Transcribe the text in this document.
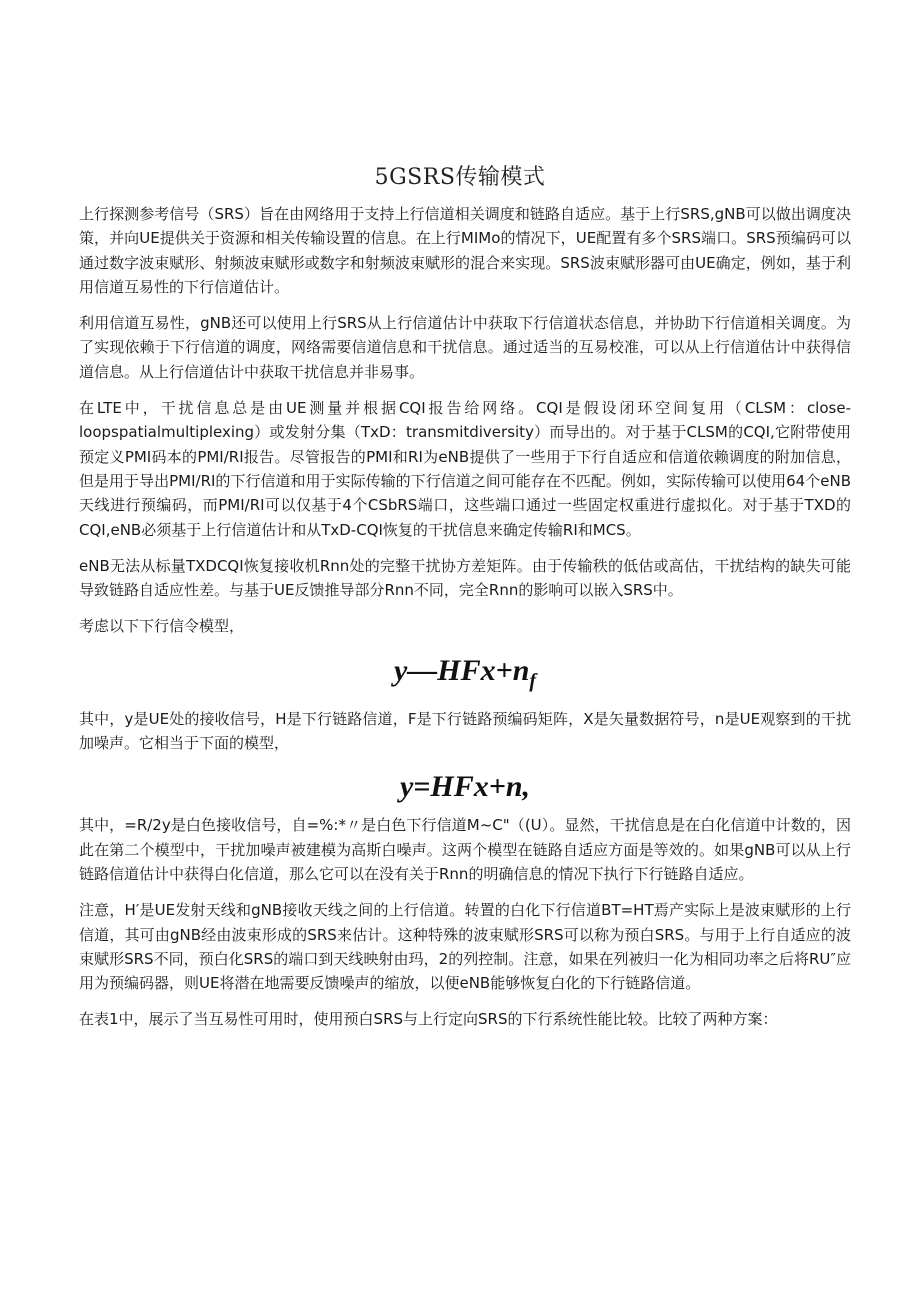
5GSRS传输模式

上行探测参考信号（SRS）旨在由网络用于支持上行信道相关调度和链路自适应。基于上行SRS,gNB可以做出调度决策，并向UE提供关于资源和相关传输设置的信息。在上行MIMo的情况下，UE配置有多个SRS端口。SRS预编码可以通过数字波束赋形、射频波束赋形或数字和射频波束赋形的混合来实现。SRS波束赋形器可由UE确定，例如，基于利用信道互易性的下行信道估计。

利用信道互易性，gNB还可以使用上行SRS从上行信道估计中获取下行信道状态信息，并协助下行信道相关调度。为了实现依赖于下行信道的调度，网络需要信道信息和干扰信息。通过适当的互易校准，可以从上行信道估计中获得信道信息。从上行信道估计中获取干扰信息并非易事。

在LTE中，干扰信息总是由UE测量并根据CQI报告给网络。CQI是假设闭环空间复用（CLSM：close-loopspatialmultiplexing）或发射分集（TxD：transmitdiversity）而导出的。对于基于CLSM的CQI,它附带使用预定义PMI码本的PMI/RI报告。尽管报告的PMI和RI为eNB提供了一些用于下行自适应和信道依赖调度的附加信息，但是用于导出PMI/RI的下行信道和用于实际传输的下行信道之间可能存在不匹配。例如，实际传输可以使用64个eNB天线进行预编码，而PMI/RI可以仅基于4个CSbRS端口，这些端口通过一些固定权重进行虚拟化。对于基于TXD的CQI,eNB必须基于上行信道估计和从TxD-CQI恢复的干扰信息来确定传输RI和MCS。

eNB无法从标量TXDCQI恢复接收机Rnn处的完整干扰协方差矩阵。由于传输秩的低估或高估，干扰结构的缺失可能导致链路自适应性差。与基于UE反馈推导部分Rnn不同，完全Rnn的影响可以嵌入SRS中。

考虑以下下行信令模型，

$y—HFx+n_f$

其中，y是UE处的接收信号，H是下行链路信道，F是下行链路预编码矩阵，X是矢量数据符号，n是UE观察到的干扰加噪声。它相当于下面的模型，

y=HFx+n,

其中，=R/2y是白色接收信号，自=%:*〃是白色下行信道M~C"（(U）。显然，干扰信息是在白化信道中计数的，因此在第二个模型中，干扰加噪声被建模为高斯白噪声。这两个模型在链路自适应方面是等效的。如果gNB可以从上行链路信道估计中获得白化信道，那么它可以在没有关于Rnn的明确信息的情况下执行下行链路自适应。

注意，H′是UE发射天线和gNB接收天线之间的上行信道。转置的白化下行信道BT=HT焉产实际上是波束赋形的上行信道，其可由gNB经由波束形成的SRS来估计。这种特殊的波束赋形SRS可以称为预白SRS。与用于上行自适应的波束赋形SRS不同，预白化SRS的端口到天线映射由玛，2的列控制。注意，如果在列被归一化为相同功率之后将RU″应用为预编码器，则UE将潜在地需要反馈噪声的缩放，以便eNB能够恢复白化的下行链路信道。

在表1中，展示了当互易性可用时，使用预白SRS与上行定向SRS的下行系统性能比较。比较了两种方案：
